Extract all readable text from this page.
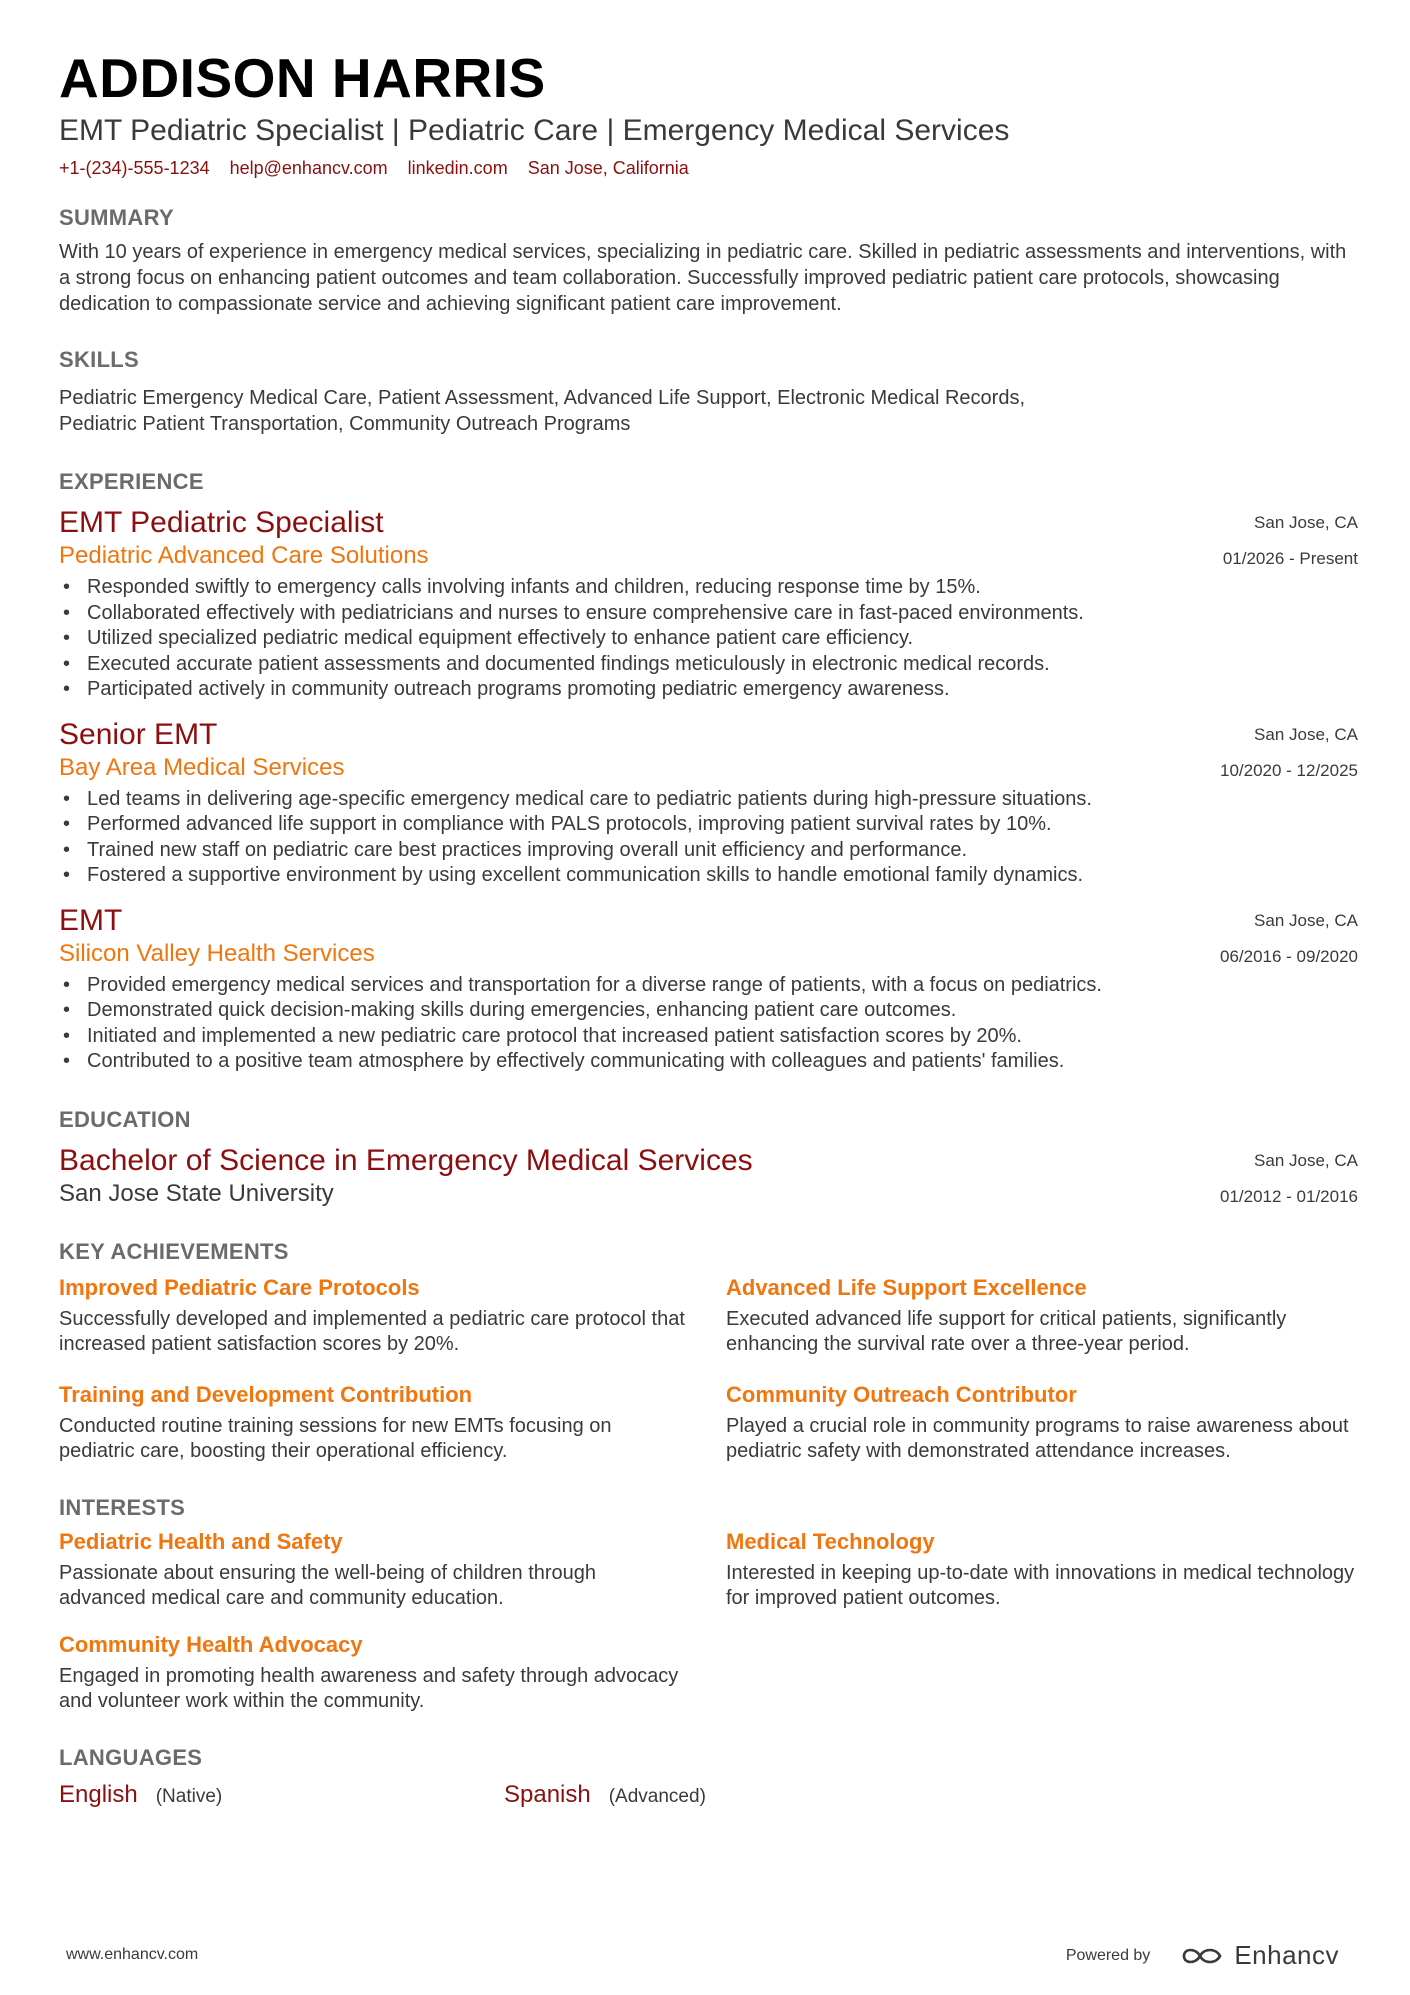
ADDISON HARRIS
EMT Pediatric Specialist | Pediatric Care | Emergency Medical Services
+1-(234)-555-1234 help@enhancv.com linkedin.com San Jose, California
SUMMARY
With 10 years of experience in emergency medical services, specializing in pediatric care. Skilled in pediatric assessments and interventions, with a strong focus on enhancing patient outcomes and team collaboration. Successfully improved pediatric patient care protocols, showcasing dedication to compassionate service and achieving significant patient care improvement.
SKILLS
Pediatric Emergency Medical Care, Patient Assessment, Advanced Life Support, Electronic Medical Records,
Pediatric Patient Transportation, Community Outreach Programs
EXPERIENCE
EMT Pediatric Specialist
Pediatric Advanced Care Solutions
San Jose, CA
01/2026 - Present
• Responded swiftly to emergency calls involving infants and children, reducing response time by 15%.
• Collaborated effectively with pediatricians and nurses to ensure comprehensive care in fast-paced environments.
• Utilized specialized pediatric medical equipment effectively to enhance patient care efficiency.
• Executed accurate patient assessments and documented findings meticulously in electronic medical records.
• Participated actively in community outreach programs promoting pediatric emergency awareness.
Senior EMT
Bay Area Medical Services
San Jose, CA
10/2020 - 12/2025
• Led teams in delivering age-specific emergency medical care to pediatric patients during high-pressure situations.
• Performed advanced life support in compliance with PALS protocols, improving patient survival rates by 10%.
• Trained new staff on pediatric care best practices improving overall unit efficiency and performance.
• Fostered a supportive environment by using excellent communication skills to handle emotional family dynamics.
EMT
Silicon Valley Health Services
San Jose, CA
06/2016 - 09/2020
• Provided emergency medical services and transportation for a diverse range of patients, with a focus on pediatrics.
• Demonstrated quick decision-making skills during emergencies, enhancing patient care outcomes.
• Initiated and implemented a new pediatric care protocol that increased patient satisfaction scores by 20%.
• Contributed to a positive team atmosphere by effectively communicating with colleagues and patients' families.
EDUCATION
Bachelor of Science in Emergency Medical Services
San Jose State University
San Jose, CA
01/2012 - 01/2016
KEY ACHIEVEMENTS
Improved Pediatric Care Protocols
Successfully developed and implemented a pediatric care protocol that increased patient satisfaction scores by 20%.
Advanced Life Support Excellence
Executed advanced life support for critical patients, significantly enhancing the survival rate over a three-year period.
Training and Development Contribution
Conducted routine training sessions for new EMTs focusing on pediatric care, boosting their operational efficiency.
Community Outreach Contributor
Played a crucial role in community programs to raise awareness about pediatric safety with demonstrated attendance increases.
INTERESTS
Pediatric Health and Safety
Passionate about ensuring the well-being of children through advanced medical care and community education.
Medical Technology
Interested in keeping up-to-date with innovations in medical technology for improved patient outcomes.
Community Health Advocacy
Engaged in promoting health awareness and safety through advocacy and volunteer work within the community.
LANGUAGES
English (Native)	Spanish (Advanced)
www.enhancv.com	Powered by	Enhancv
